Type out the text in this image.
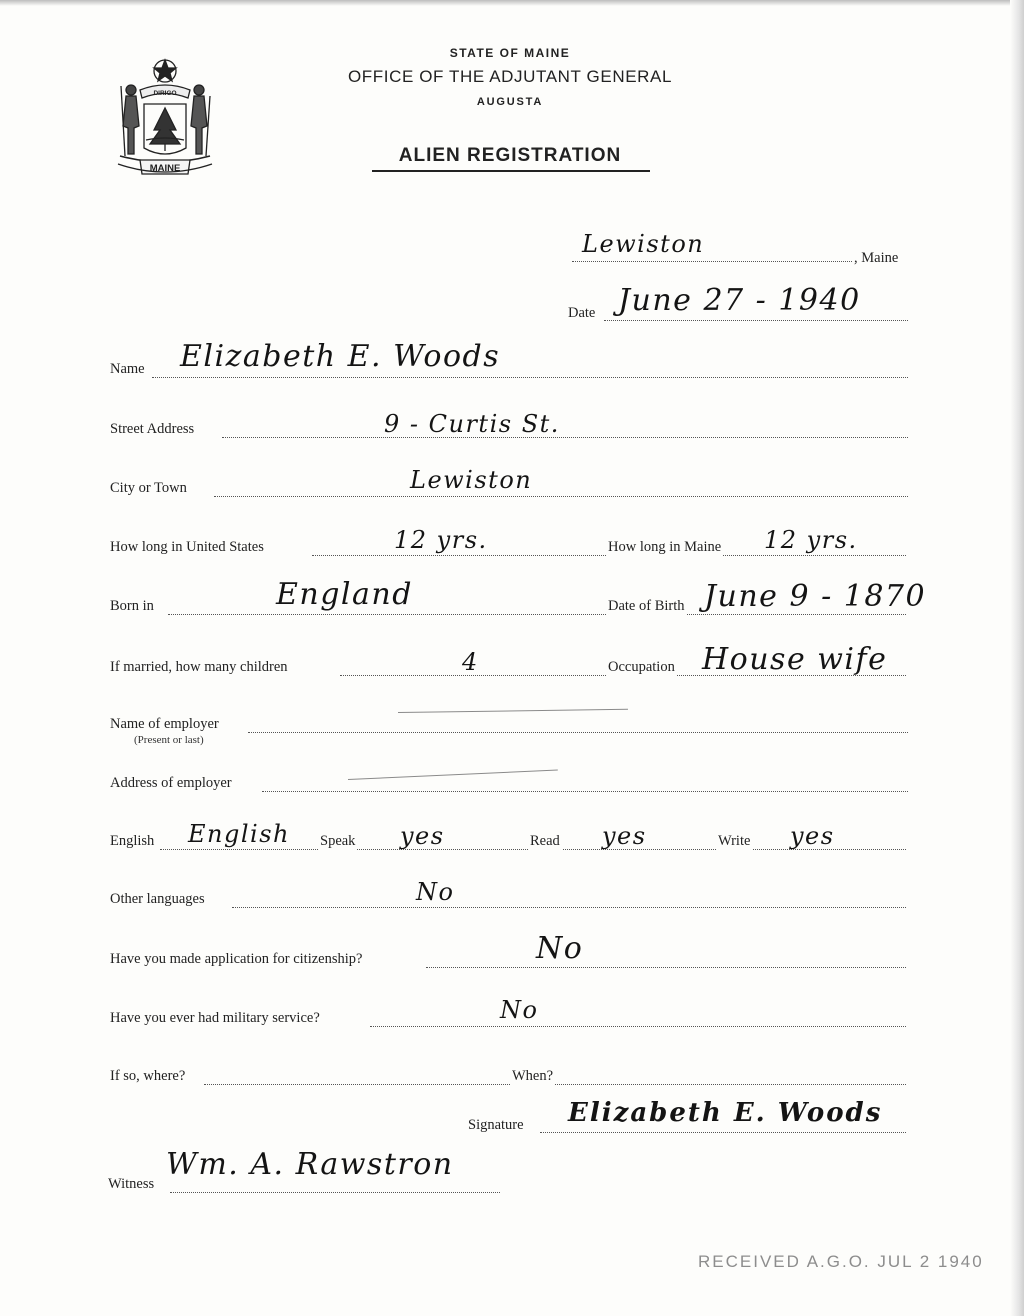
DIRIGO
MAINE
STATE OF MAINE
OFFICE OF THE ADJUTANT GENERAL
AUGUSTA
ALIEN REGISTRATION
Lewiston	, Maine
Date June 27 - 1940
Name Elizabeth E. Woods
Street Address	9 - Curtis St.
City or Town	Lewiston
How long in United States	12 yrs.	How long in Maine 12 yrs.
Born in	England	Date of Birth June 9 - 1870
If married, how many children	4	Occupation House wife
Name of employer
(Present or last)
Address of employer
English English Speak yes	Read yes	Write yes
Other languages	No
Have you made application for citizenship?	No
Have you ever had military service?	No
If so, where?	When?
Signature Elizabeth E. Woods
Witness
Wm. A. Rawstron
RECEIVED A.G.O. JUL 2 1940
